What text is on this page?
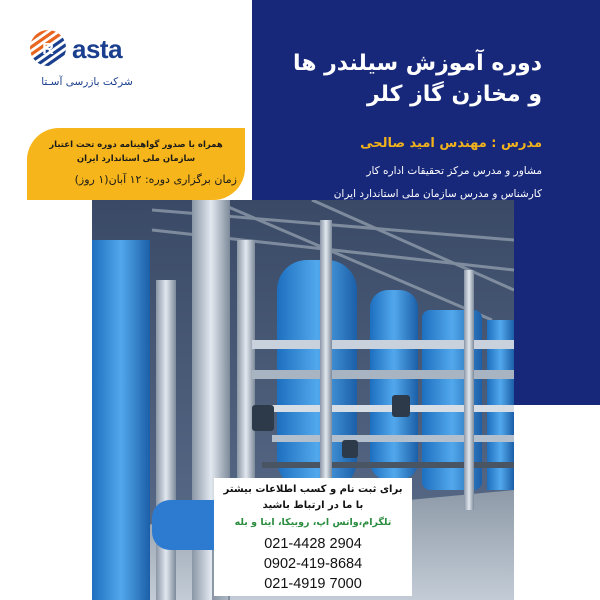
R asta
شرکت بازرسی آسـتا
دوره آموزش سیلندر ها
و مخازن گاز کلر
مدرس : مهندس امید صالحی
مشاور و مدرس مرکز تحقیقات اداره کار
کارشناس و مدرس سازمان ملی استاندارد ایران
همراه با صدور گواهینامه دوره تحت اعتبار
سازمان ملی استاندارد ایران
زمان برگزاری دوره: ۱۲ آبان(۱ روز)
برای ثبت نام و کسب اطلاعات بیشتر
با ما در ارتباط باشید
تلگرام،واتس اپ، روبیکا، ایتا و بله
021-4428 2904
0902-419-8684
021-4919 7000
